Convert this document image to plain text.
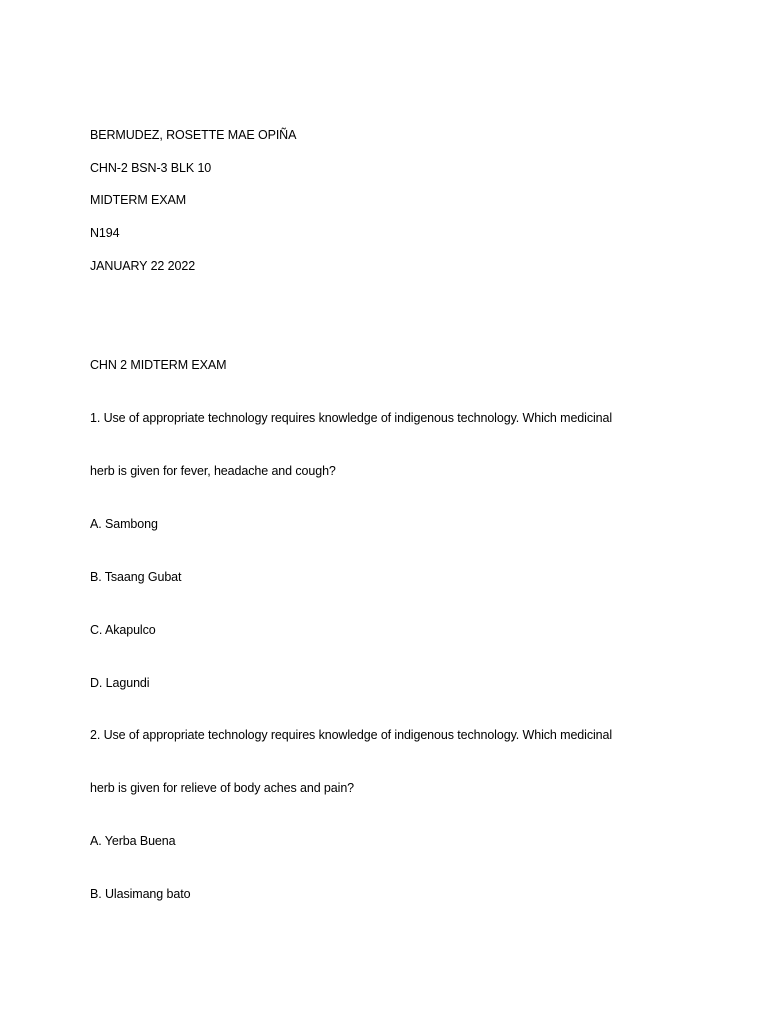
BERMUDEZ, ROSETTE MAE OPIÑA
CHN-2 BSN-3 BLK 10
MIDTERM EXAM
N194
JANUARY 22 2022
CHN 2 MIDTERM EXAM
1. Use of appropriate technology requires knowledge of indigenous technology. Which medicinal
herb is given for fever, headache and cough?
A. Sambong
B. Tsaang Gubat
C. Akapulco
D. Lagundi
2. Use of appropriate technology requires knowledge of indigenous technology. Which medicinal
herb is given for relieve of body aches and pain?
A. Yerba Buena
B. Ulasimang bato
